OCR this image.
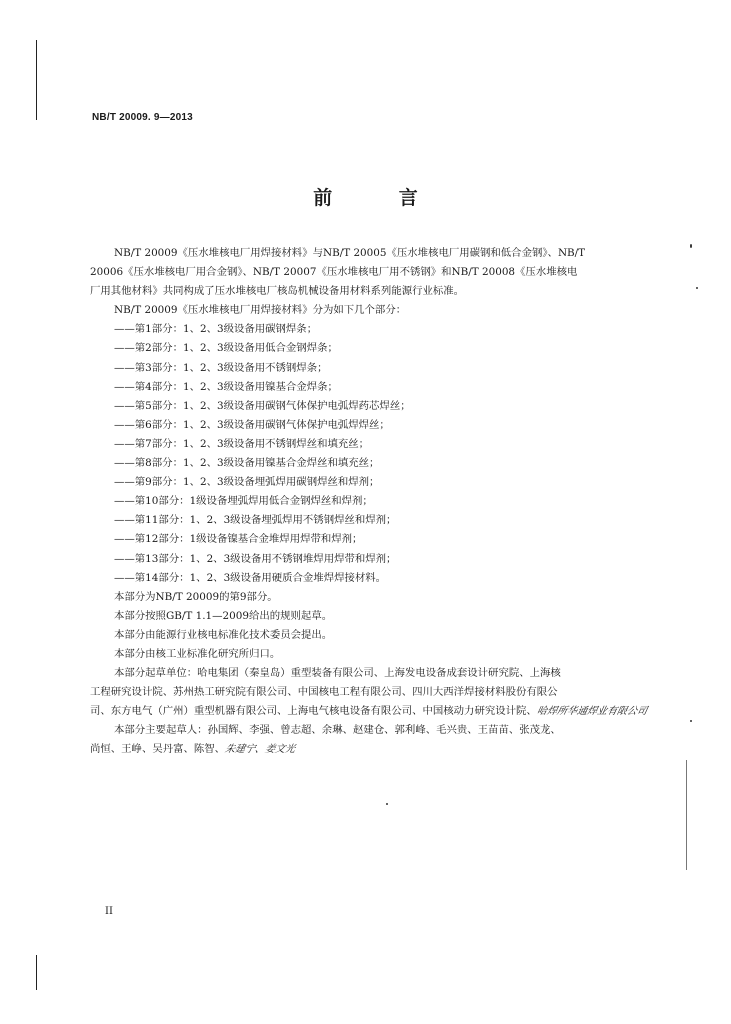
NB/T 20009. 9—2013
前 言
NB/T 20009《压水堆核电厂用焊接材料》与NB/T 20005《压水堆核电厂用碳钢和低合金钢》、NB/T
20006《压水堆核电厂用合金钢》、NB/T 20007《压水堆核电厂用不锈钢》和NB/T 20008《压水堆核电
厂用其他材料》共同构成了压水堆核电厂核岛机械设备用材料系列能源行业标准。
NB/T 20009《压水堆核电厂用焊接材料》分为如下几个部分：
——第1部分：1、2、3级设备用碳钢焊条；
——第2部分：1、2、3级设备用低合金钢焊条；
——第3部分：1、2、3级设备用不锈钢焊条；
——第4部分：1、2、3级设备用镍基合金焊条；
——第5部分：1、2、3级设备用碳钢气体保护电弧焊药芯焊丝；
——第6部分：1、2、3级设备用碳钢气体保护电弧焊焊丝；
——第7部分：1、2、3级设备用不锈钢焊丝和填充丝；
——第8部分：1、2、3级设备用镍基合金焊丝和填充丝；
——第9部分：1、2、3级设备埋弧焊用碳钢焊丝和焊剂；
——第10部分：1级设备埋弧焊用低合金钢焊丝和焊剂；
——第11部分：1、2、3级设备埋弧焊用不锈钢焊丝和焊剂；
——第12部分：1级设备镍基合金堆焊用焊带和焊剂；
——第13部分：1、2、3级设备用不锈钢堆焊用焊带和焊剂；
——第14部分：1、2、3级设备用硬质合金堆焊焊接材料。
本部分为NB/T 20009的第9部分。
本部分按照GB/T 1.1—2009给出的规则起草。
本部分由能源行业核电标准化技术委员会提出。
本部分由核工业标准化研究所归口。
本部分起草单位：哈电集团（秦皇岛）重型装备有限公司、上海发电设备成套设计研究院、上海核
工程研究设计院、苏州热工研究院有限公司、中国核电工程有限公司、四川大西洋焊接材料股份有限公
司、东方电气（广州）重型机器有限公司、上海电气核电设备有限公司、中国核动力研究设计院、哈焊所华通焊业有限公司
本部分主要起草人：孙国辉、李强、曾志超、余琳、赵建仓、郭利峰、毛兴贵、王苗苗、张茂龙、
尚恒、王峥、吴丹富、陈智、朱建宁、姜文光
II
